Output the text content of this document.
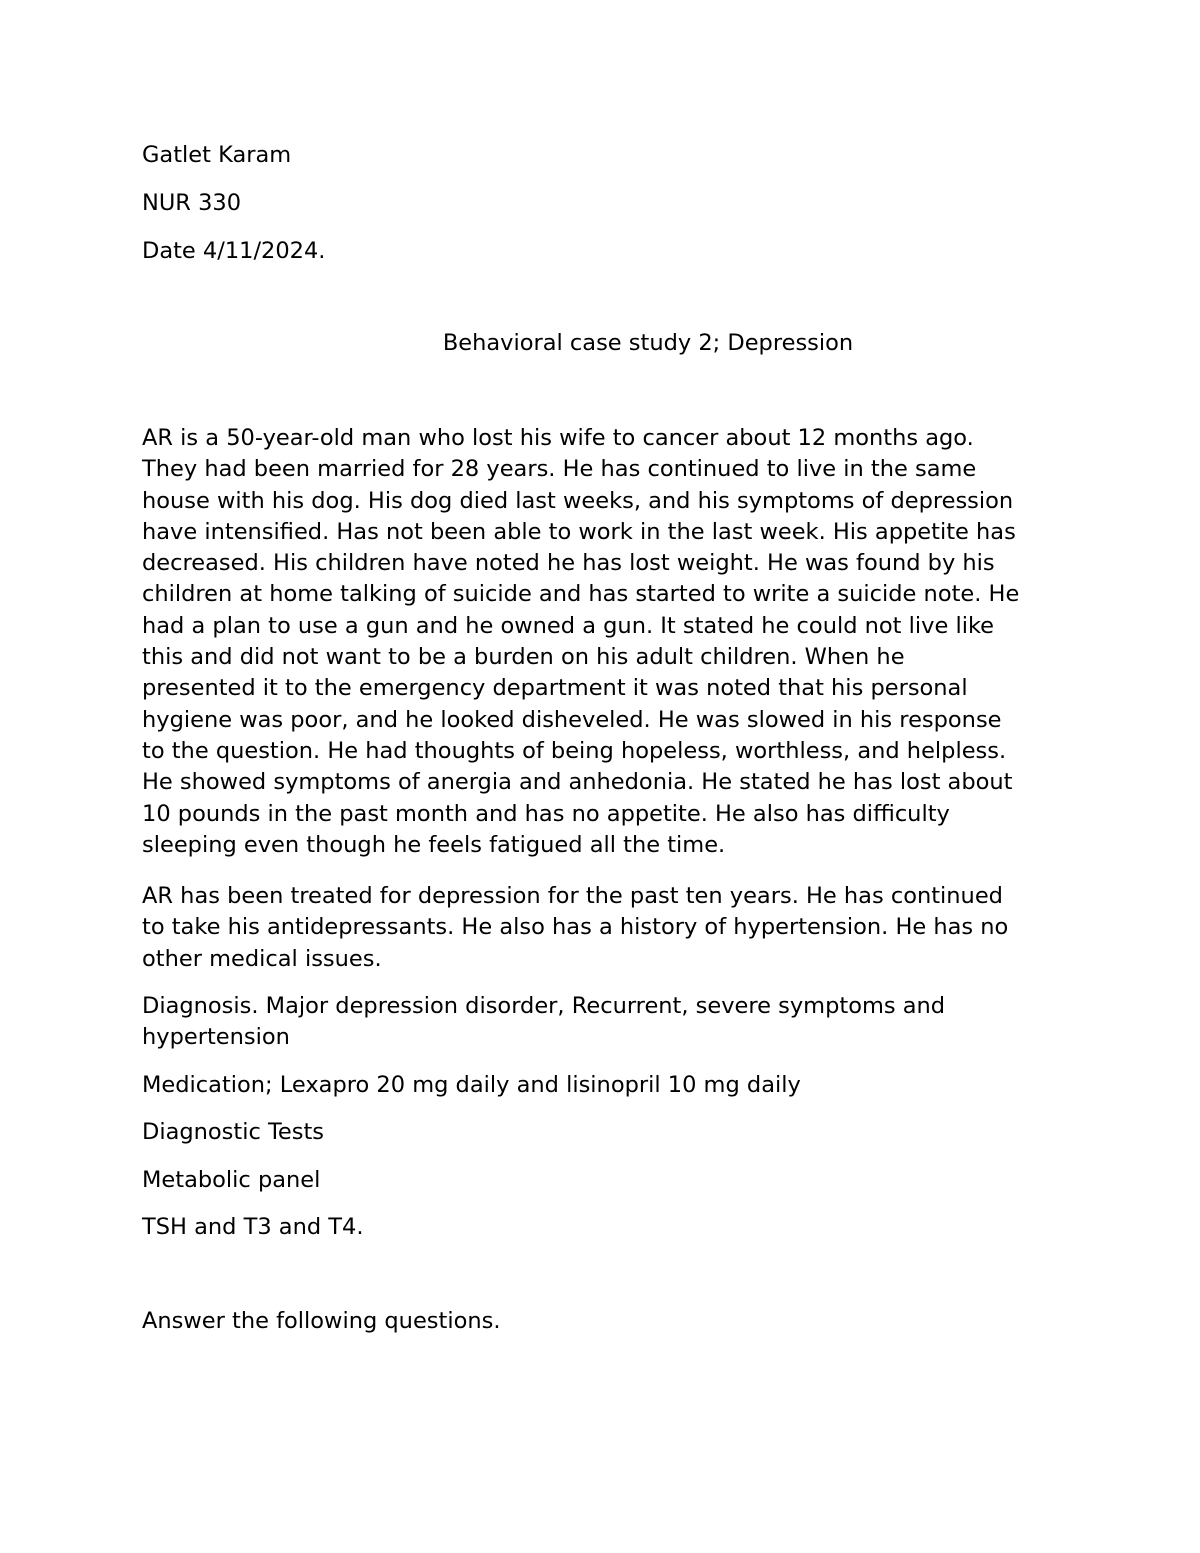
Gatlet Karam
NUR 330
Date 4/11/2024.
Behavioral case study 2; Depression
AR is a 50-year-old man who lost his wife to cancer about 12 months ago.
They had been married for 28 years. He has continued to live in the same
house with his dog. His dog died last weeks, and his symptoms of depression
have intensified. Has not been able to work in the last week. His appetite has
decreased. His children have noted he has lost weight. He was found by his
children at home talking of suicide and has started to write a suicide note. He
had a plan to use a gun and he owned a gun. It stated he could not live like
this and did not want to be a burden on his adult children. When he
presented it to the emergency department it was noted that his personal
hygiene was poor, and he looked disheveled. He was slowed in his response
to the question. He had thoughts of being hopeless, worthless, and helpless.
He showed symptoms of anergia and anhedonia. He stated he has lost about
10 pounds in the past month and has no appetite. He also has difficulty
sleeping even though he feels fatigued all the time.
AR has been treated for depression for the past ten years. He has continued
to take his antidepressants. He also has a history of hypertension. He has no
other medical issues.
Diagnosis. Major depression disorder, Recurrent, severe symptoms and
hypertension
Medication; Lexapro 20 mg daily and lisinopril 10 mg daily
Diagnostic Tests
Metabolic panel
TSH and T3 and T4.
Answer the following questions.
